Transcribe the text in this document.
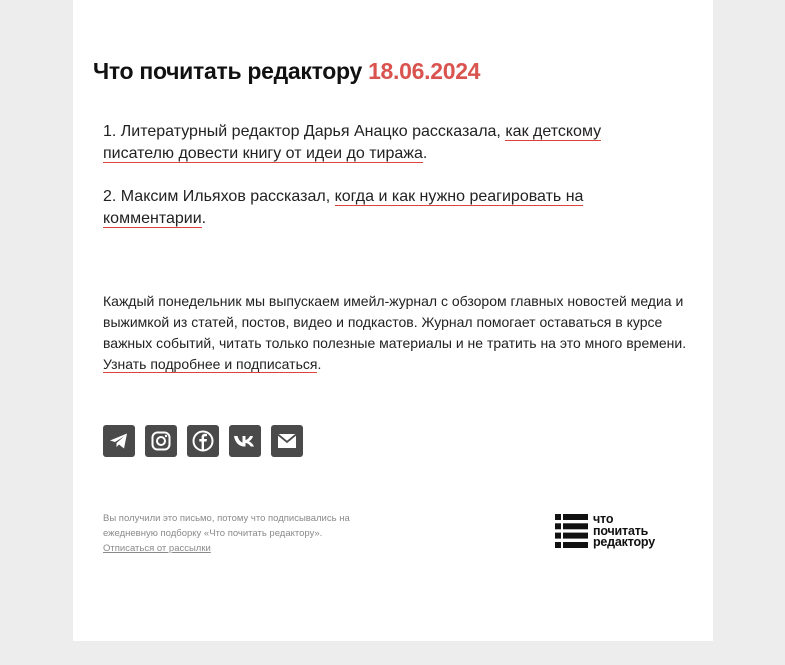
Что почитать редактору 18.06.2024

1. Литературный редактор Дарья Анацко рассказала, как детскому писателю довести книгу от идеи до тиража.

2. Максим Ильяхов рассказал, когда и как нужно реагировать на комментарии.

Каждый понедельник мы выпускаем имейл-журнал с обзором главных новостей медиа и выжимкой из статей, постов, видео и подкастов. Журнал помогает оставаться в курсе важных событий, читать только полезные материалы и не тратить на это много времени. Узнать подробнее и подписаться.

Вы получили это письмо, потому что подписывались на ежедневную подборку «Что почитать редактору».
Отписаться от рассылки

что
почитать
редактору
